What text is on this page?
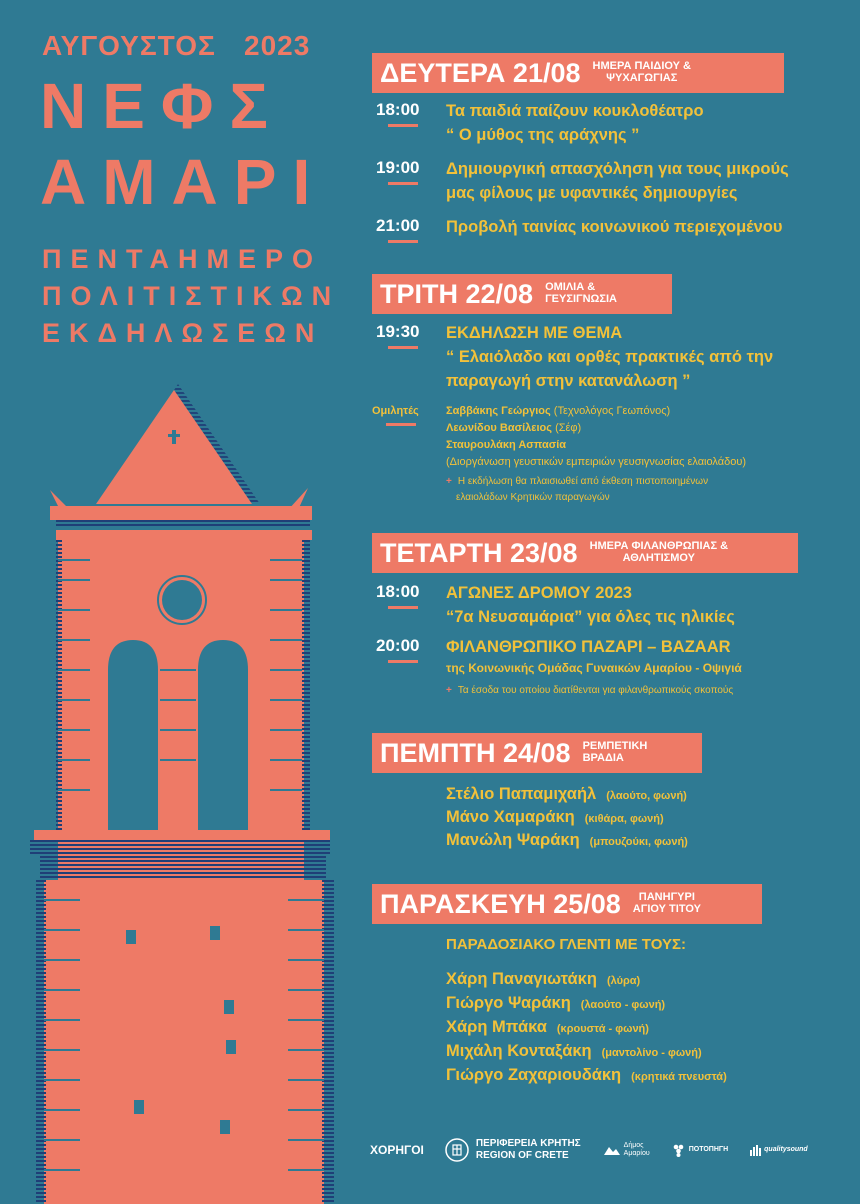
ΑΥΓΟΥΣΤΟΣ 2023
ΝΕΦΣ
ΑΜΑΡΙ
ΠΕΝΤΑΗΜΕΡΟ
ΠΟΛΙΤΙΣΤΙΚΩΝ
ΕΚΔΗΛΩΣΕΩΝ
ΔΕΥΤΕΡΑ 21/08 ΗΜΕΡΑ ΠΑΙΔΙΟΥ &
ΨΥΧΑΓΩΓΙΑΣ
18:00	Τα παιδιά παίζουν κουκλοθέατρο
“ Ο μύθος της αράχνης ”
19:00	Δημιουργική απασχόληση για τους μικρούς
μας φίλους με υφαντικές δημιουργίες
21:00	Προβολή ταινίας κοινωνικού περιεχομένου
ΤΡΙΤΗ 22/08 ΟΜΙΛΙΑ &
ΓΕΥΣΙΓΝΩΣΙΑ
19:30	ΕΚΔΗΛΩΣΗ ΜΕ ΘΕΜΑ
“ Ελαιόλαδο και ορθές πρακτικές από την
παραγωγή στην κατανάλωση ”
Ομιλητές Σαββάκης Γεώργιος (Τεχνολόγος Γεωπόνος)
Λεωνίδου Βασίλειος (Σέφ)
Σταυρουλάκη Ασπασία
(Διοργάνωση γευστικών εμπειριών γευσιγνωσίας ελαιολάδου)
+ Η εκδήλωση θα πλαισιωθεί από έκθεση πιστοποιημένων
ελαιολάδων Κρητικών παραγωγών
ΤΕΤΑΡΤΗ 23/08 ΗΜΕΡΑ ΦΙΛΑΝΘΡΩΠΙΑΣ &
ΑΘΛΗΤΙΣΜΟΥ
18:00	ΑΓΩΝΕΣ ΔΡΟΜΟΥ 2023
“7α Νευσαμάρια” για όλες τις ηλικίες
20:00	ΦΙΛΑΝΘΡΩΠΙΚΟ ΠΑΖΑΡΙ – BAZAAR
της Κοινωνικής Ομάδας Γυναικών Αμαρίου - Οψιγιά
+ Τα έσοδα του οποίου διατίθενται για φιλανθρωπικούς σκοπούς
ΠΕΜΠΤΗ 24/08 ΡΕΜΠΕΤΙΚΗ
ΒΡΑΔΙΑ
Στέλιο Παπαμιχαήλ (λαούτο, φωνή)
Μάνο Χαμαράκη (κιθάρα, φωνή)
Μανώλη Ψαράκη (μπουζούκι, φωνή)
ΠΑΡΑΣΚΕΥΗ 25/08	ΠΑΝΗΓΥΡΙ
ΑΓΙΟΥ ΤΙΤΟΥ
ΠΑΡΑΔΟΣΙΑΚΟ ΓΛΕΝΤΙ ΜΕ ΤΟΥΣ:
Χάρη Παναγιωτάκη (λύρα)
Γιώργο Ψαράκη (λαούτο - φωνή)
Χάρη Μπάκα (κρουστά - φωνή)
Μιχάλη Κονταξάκη (μαντολίνο - φωνή)
Γιώργο Ζαχαριουδάκη (κρητικά πνευστά)
ΧΟΡΗΓΟΙ	ΠΕΡΙΦΕΡΕΙΑ ΚΡΗΤΗΣ
REGION OF CRETE
Δήμος
Αμαρίου
ΠΟΤΟΠΗΓΗ	qualitysound
